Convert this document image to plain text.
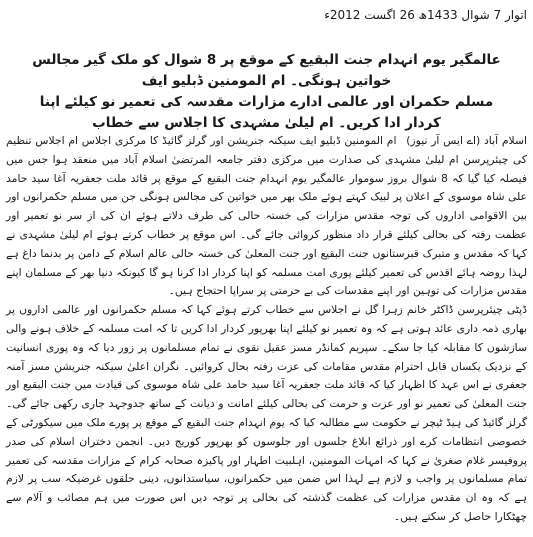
اتوار 7 شوال 1433ھ 26 اگست 2012ء
عالمگیر یوم انہدام جنت البقیع کے موقع پر 8 شوال کو ملک گیر مجالس خواتین ہونگی۔ ام المومنین ڈبلیو ایف
مسلم حکمران اور عالمی ادارے مزارات مقدسہ کی تعمیر نو کیلئے اپنا کردار ادا کریں۔ ام لیلیٰ مشہدی کا اجلاس سے خطاب

اسلام آباد (اے ایس آر نیوز) ام المومنین ڈبلیو ایف سیکنہ جنریشن اور گرلز گائیڈ کا مرکزی اجلاس ام اجلاس تنظیم کی چیئرپرسن ام لیلیٰ مشہدی کی صدارت میں مرکزی دفتر جامعہ المرتضیٰ اسلام آباد میں منعقد ہوا جس میں فیصلہ کیا گیا کہ 8 شوال بروز سوموار عالمگیر یوم انہدام جنت البقیع کے موقع پر قائد ملت جعفریہ آغا سید حامد علی شاہ موسوی کے اعلان پر لبیک کہتے ہوئے ملک بھر میں خواتین کی مجالس ہونگی جن میں مسلم حکمرانوں اور بین الاقوامی اداروں کی توجہ مقدس مزارات کی خستہ حالی کی طرف دلاتے ہوئے ان کی از سر نو تعمیر اور عظمت رفتہ کی بحالی کیلئے قرار داد منظور کروائی جائے گی۔ اس موقع پر خطاب کرتے ہوئے ام لیلیٰ مشہدی نے کہا کہ مقدس و متبرک قبرستانوں جنت البقیع اور جنت المعلیٰ کی خستہ حالی عالم اسلام کے دامن پر بدنما داغ ہے لہذا روضہ ہائے اقدس کی تعمیر کیلئے پوری امت مسلمہ کو اپنا کردار ادا کرنا ہو گا کیونکہ دنیا بھر کے مسلمان اپنے مقدس مزارات کی توہین اور اپنے مقدسات کی بے حرمتی پر سراپا احتجاج ہیں۔

ڈپٹی چیئرپرسن ڈاکٹر خانم زہرا گل نے اجلاس سے خطاب کرتے ہوئے کہا کہ مسلم حکمرانوں اور عالمی اداروں پر بھاری ذمہ داری عائد ہوتی ہے کہ وہ تعمیر نو کیلئے اپنا بھرپور کردار ادا کریں تا کہ امت مسلمہ کے خلاف ہونے والی سازشوں کا مقابلہ کیا جا سکے۔ سپریم کمانڈر مسز عقیل نقوی نے تمام مسلمانوں پر زور دیا کہ وہ پوری انسانیت کے نزدیک یکساں قابل احترام مقدس مقامات کی عزت رفتہ بحال کروائیں۔ نگران اعلیٰ سیکنہ جنریشن مسز آمنہ جعفری نے اس عہد کا اظہار کیا کہ قائد ملت جعفریہ آغا سید حامد علی شاہ موسوی کی قیادت میں جنت البقیع اور جنت المعلیٰ کی تعمیر نو اور عزت و حرمت کی بحالی کیلئے امانت و دیانت کے ساتھ جدوجہد جاری رکھی جائے گی۔ گرلز گائیڈ کی ہیڈ ٹیچر نے حکومت سے مطالبہ کیا کہ یوم انہدام جنت البقیع کے موقع پر پورے ملک میں سیکورٹی کے خصوصی انتظامات کرے اور ذرائع ابلاغ جلسوں اور جلوسوں کو بھرپور کوریج دیں۔ انجمن دختران اسلام کی صدر پروفیسر غلام صغریٰ نے کہا کہ امہات المومنین، اہلبیت اطہار اور پاکیزہ صحابہ کرام کے مزارات مقدسہ کی تعمیر تمام مسلمانوں پر واجب و لازم ہے لہذا اس ضمن میں حکمرانوں، سیاستدانوں، دینی حلقوں غرضیکہ سب پر لازم ہے کہ وہ ان مقدس مزارات کی عظمت گذشتہ کی بحالی پر توجہ دیں اس صورت میں ہم مصائب و آلام سے چھٹکارا حاصل کر سکتے ہیں۔
